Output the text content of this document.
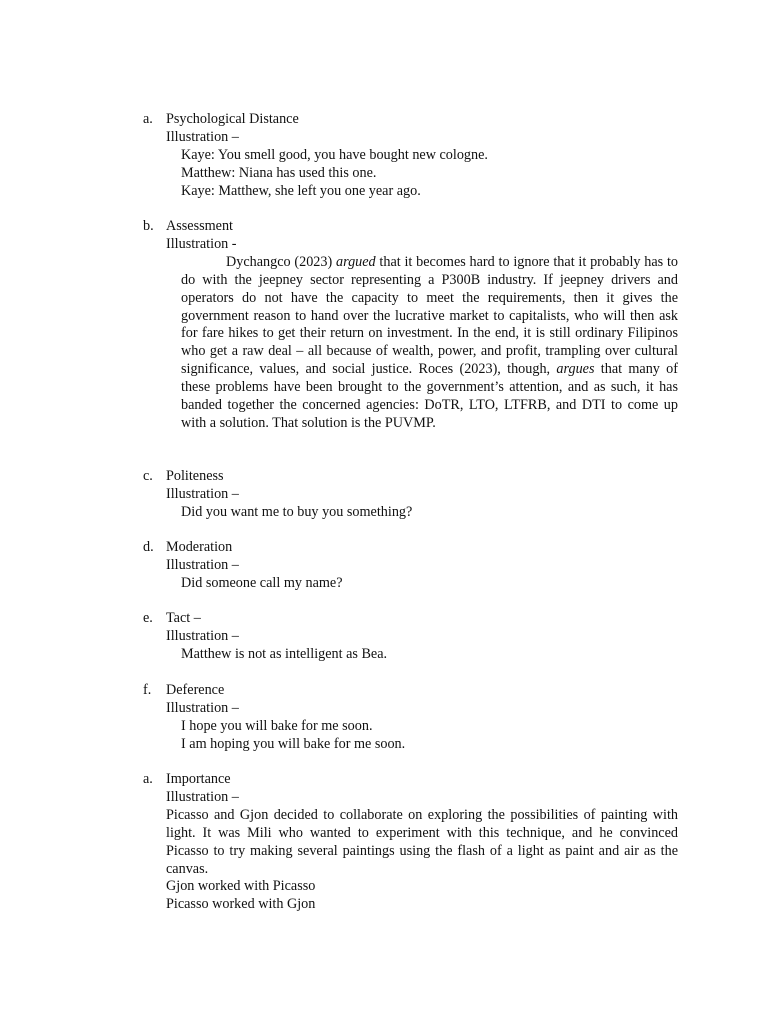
a. Psychological Distance
Illustration –
Kaye: You smell good, you have bought new cologne.
Matthew: Niana has used this one.
Kaye: Matthew, she left you one year ago.
b. Assessment
Illustration -
Dychangco (2023) argued that it becomes hard to ignore that it probably has to do with the jeepney sector representing a P300B industry. If jeepney drivers and operators do not have the capacity to meet the requirements, then it gives the government reason to hand over the lucrative market to capitalists, who will then ask for fare hikes to get their return on investment. In the end, it is still ordinary Filipinos who get a raw deal – all because of wealth, power, and profit, trampling over cultural significance, values, and social justice. Roces (2023), though, argues that many of these problems have been brought to the government’s attention, and as such, it has banded together the concerned agencies: DoTR, LTO, LTFRB, and DTI to come up with a solution. That solution is the PUVMP.
c. Politeness
Illustration –
Did you want me to buy you something?
d. Moderation
Illustration –
Did someone call my name?
e. Tact –
Illustration –
Matthew is not as intelligent as Bea.
f. Deference
Illustration –
I hope you will bake for me soon.
I am hoping you will bake for me soon.
a. Importance
Illustration –
Picasso and Gjon decided to collaborate on exploring the possibilities of painting with light. It was Mili who wanted to experiment with this technique, and he convinced Picasso to try making several paintings using the flash of a light as paint and air as the canvas.
Gjon worked with Picasso
Picasso worked with Gjon
